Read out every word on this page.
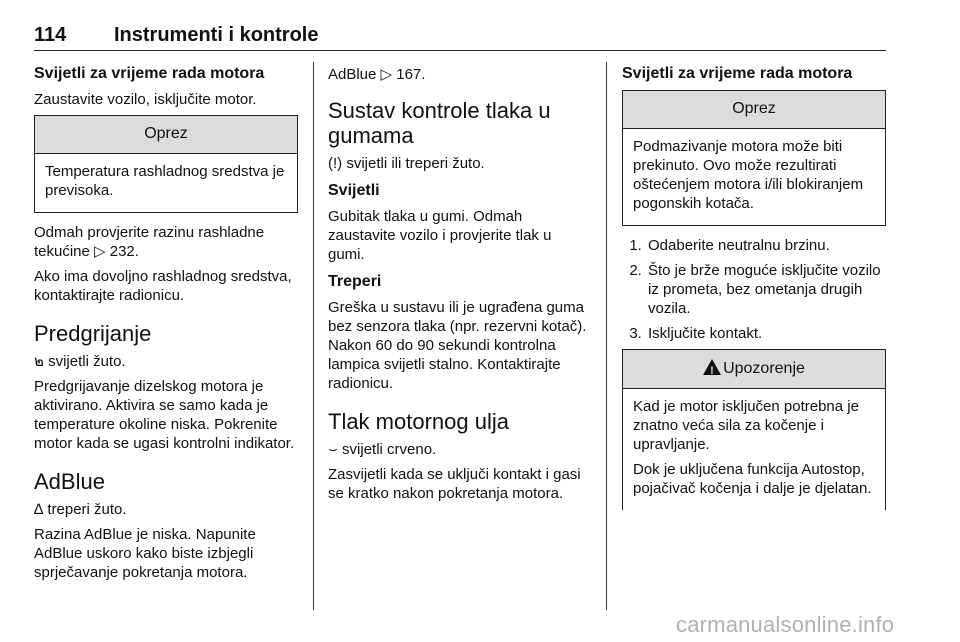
114 Instrumenti i kontrole
Svijetli za vrijeme rada motora

Zaustavite vozilo, isključite motor.

Oprez

Temperatura rashladnog sredstva je previsoka.

Odmah provjerite razinu rashladne tekućine ▷ 232.

Ako ima dovoljno rashladnog sredstva, kontaktirajte radionicu.

Predgrijanje

๒ svijetli žuto.

Predgrijavanje dizelskog motora je aktivirano. Aktivira se samo kada je temperature okoline niska. Pokrenite motor kada se ugasi kontrolni indikator.

AdBlue

∆ treperi žuto.

Razina AdBlue je niska. Napunite AdBlue uskoro kako biste izbjegli sprječavanje pokretanja motora.

AdBlue ▷ 167.

Sustav kontrole tlaka u gumama

(!) svijetli ili treperi žuto.

Svijetli

Gubitak tlaka u gumi. Odmah zaustavite vozilo i provjerite tlak u gumi.

Treperi

Greška u sustavu ili je ugrađena guma bez senzora tlaka (npr. rezervni kotač). Nakon 60 do 90 sekundi kontrolna lampica svijetli stalno. Kontaktirajte radionicu.

Tlak motornog ulja

⌣ svijetli crveno.

Zasvijetli kada se uključi kontakt i gasi se kratko nakon pokretanja motora.

Svijetli za vrijeme rada motora
Oprez

Podmazivanje motora može biti prekinuto. Ovo može rezultirati oštećenjem motora i/ili blokiranjem pogonskih kotača.

1. Odaberite neutralnu brzinu.
2. Što je brže moguće isključite vozilo iz prometa, bez ometanja drugih vozila.
3. Isključite kontakt.
!Upozorenje

Kad je motor isključen potrebna je znatno veća sila za kočenje i upravljanje.

Dok je uključena funkcija Autostop, pojačivač kočenja i dalje je djelatan.

carmanualsonline.info
